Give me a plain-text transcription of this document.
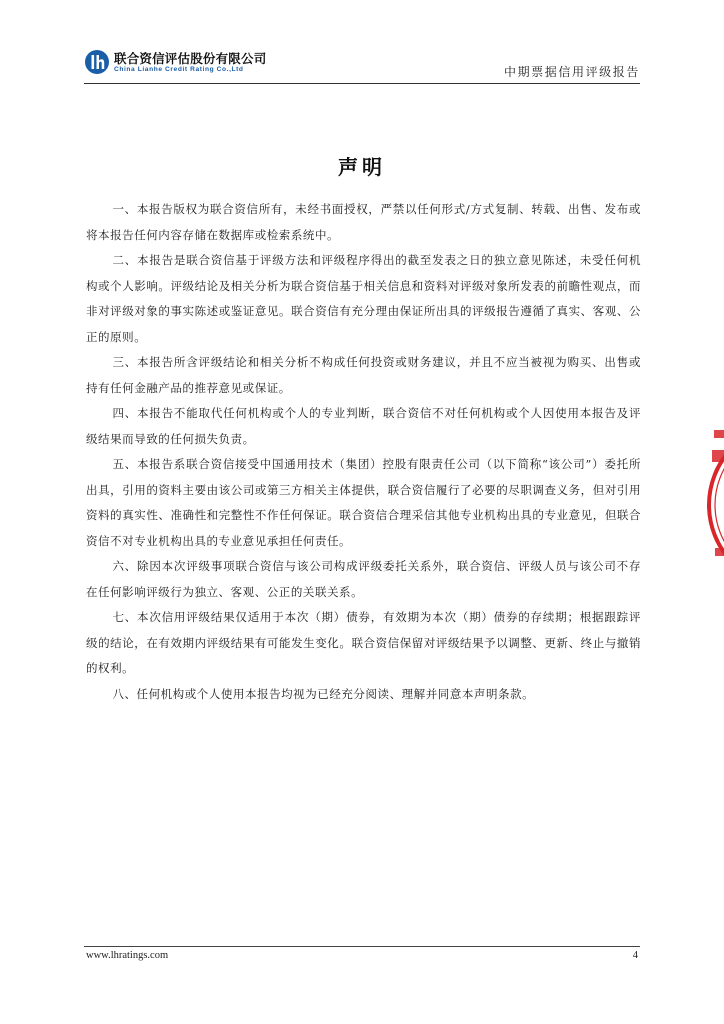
联合资信评估股份有限公司
China Lianhe Credit Rating Co.,Ltd	中期票据信用评级报告
声明

一、本报告版权为联合资信所有，未经书面授权，严禁以任何形式/方式复制、转载、出售、发布或将本报告任何内容存储在数据库或检索系统中。

二、本报告是联合资信基于评级方法和评级程序得出的截至发表之日的独立意见陈述，未受任何机构或个人影响。评级结论及相关分析为联合资信基于相关信息和资料对评级对象所发表的前瞻性观点，而非对评级对象的事实陈述或鉴证意见。联合资信有充分理由保证所出具的评级报告遵循了真实、客观、公正的原则。

三、本报告所含评级结论和相关分析不构成任何投资或财务建议，并且不应当被视为购买、出售或持有任何金融产品的推荐意见或保证。

四、本报告不能取代任何机构或个人的专业判断，联合资信不对任何机构或个人因使用本报告及评级结果而导致的任何损失负责。

五、本报告系联合资信接受中国通用技术（集团）控股有限责任公司（以下简称“该公司”）委托所出具，引用的资料主要由该公司或第三方相关主体提供，联合资信履行了必要的尽职调查义务，但对引用资料的真实性、准确性和完整性不作任何保证。联合资信合理采信其他专业机构出具的专业意见，但联合资信不对专业机构出具的专业意见承担任何责任。

六、除因本次评级事项联合资信与该公司构成评级委托关系外，联合资信、评级人员与该公司不存在任何影响评级行为独立、客观、公正的关联关系。

七、本次信用评级结果仅适用于本次（期）债券，有效期为本次（期）债券的存续期；根据跟踪评级的结论，在有效期内评级结果有可能发生变化。联合资信保留对评级结果予以调整、更新、终止与撤销的权利。

八、任何机构或个人使用本报告均视为已经充分阅读、理解并同意本声明条款。

www.lhratings.com	4
